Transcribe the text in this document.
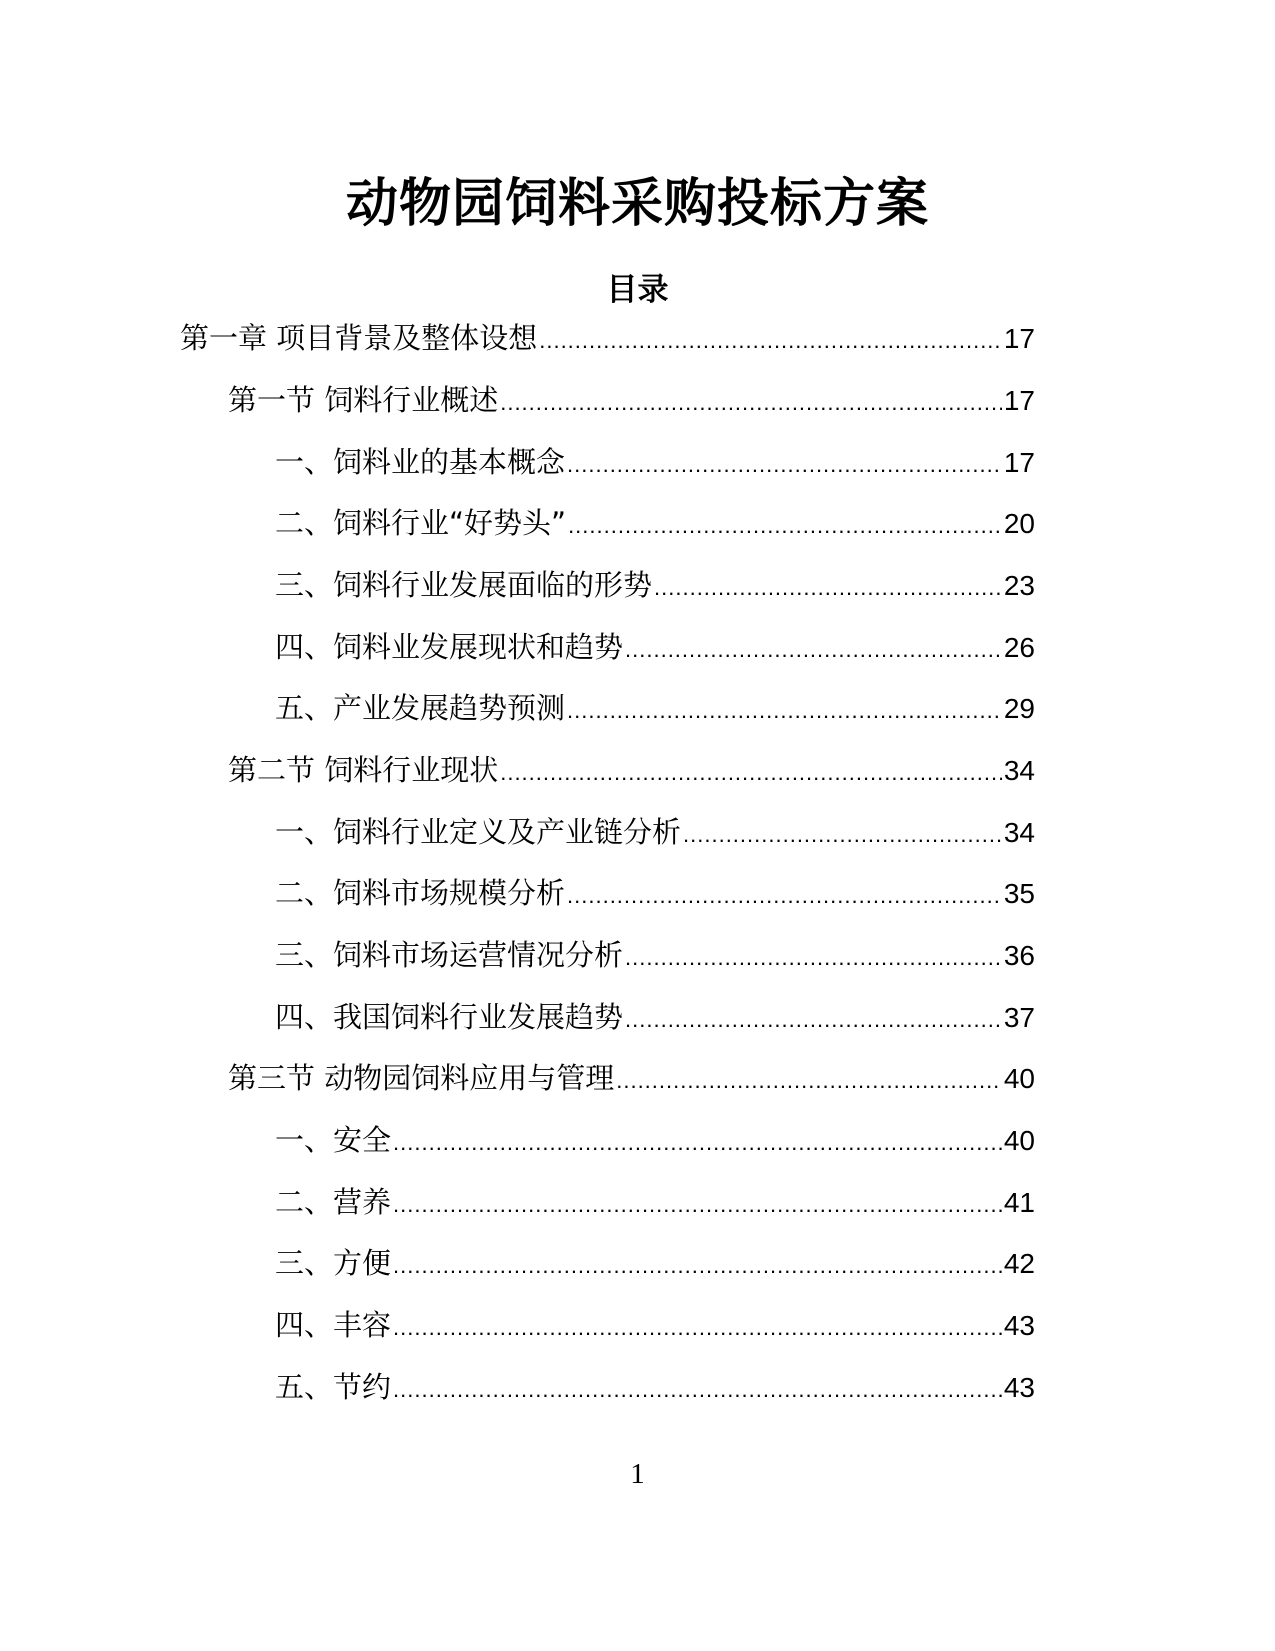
动物园饲料采购投标方案
目录
第一章 项目背景及整体设想 .....	17
第一节 饲料行业概述 .....	17
一、饲料业的基本概念 .....	17
二、饲料行业“好势头” .....	20
三、饲料行业发展面临的形势 .....	23
四、饲料业发展现状和趋势 .....	26
五、产业发展趋势预测 .....	29
第二节 饲料行业现状 .....	34
一、饲料行业定义及产业链分析 .....	34
二、饲料市场规模分析 .....	35
三、饲料市场运营情况分析 .....	36
四、我国饲料行业发展趋势 .....	37
第三节 动物园饲料应用与管理 .....	40
一、安全 .....	40
二、营养 .....	41
三、方便 .....	42
四、丰容 .....	43
五、节约 .....	43
1
